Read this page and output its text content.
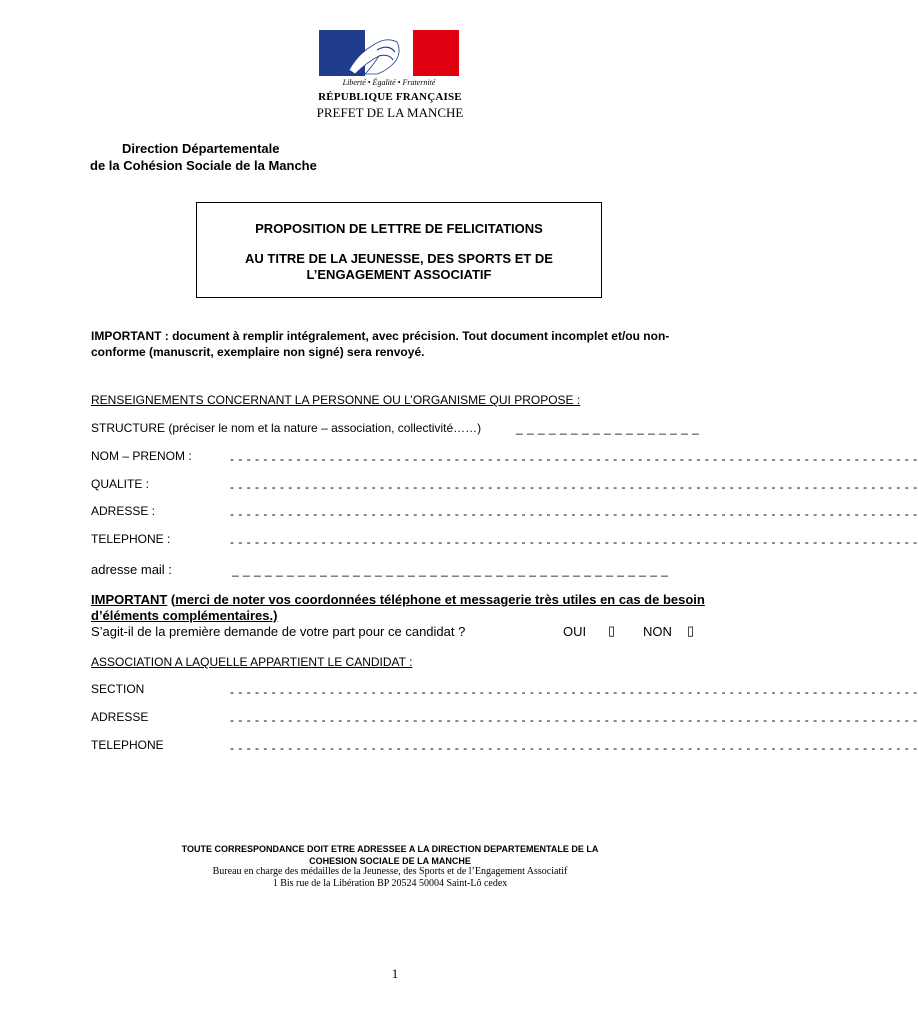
Liberté • Égalité • Fraternité
RÉPUBLIQUE FRANÇAISE
PREFET DE LA MANCHE
Direction Départementale
de la Cohésion Sociale de la Manche
PROPOSITION DE LETTRE DE FELICITATIONS
AU TITRE DE LA JEUNESSE, DES SPORTS ET DE
L’ENGAGEMENT ASSOCIATIF
IMPORTANT : document à remplir intégralement, avec précision. Tout document incomplet et/ou non-conforme (manuscrit, exemplaire non signé) sera renvoyé.
RENSEIGNEMENTS CONCERNANT LA PERSONNE OU L’ORGANISME QUI PROPOSE :
STRUCTURE (préciser le nom et la nature – association, collectivité……)	_ _ _ _ _ _ _ _ _ _ _ _ _ _ _ _ _
NOM – PRENOM :	- - - - - - - - - - - - - - - - - - - - - - - - - - - - - - - - - - - - - - - - - - - - - - - - - - - - - - - - - - - - - - - - - - - - - - - - - - - - - - - - - - -
QUALITE :	- - - - - - - - - - - - - - - - - - - - - - - - - - - - - - - - - - - - - - - - - - - - - - - - - - - - - - - - - - - - - - - - - - - - - - - - - - - - - - - - - - -
ADRESSE :	- - - - - - - - - - - - - - - - - - - - - - - - - - - - - - - - - - - - - - - - - - - - - - - - - - - - - - - - - - - - - - - - - - - - - - - - - - - - - - - - - - -
TELEPHONE :	- - - - - - - - - - - - - - - - - - - - - - - - - - - - - - - - - - - - - - - - - - - - - - - - - - - - - - - - - - - - - - - - - - - - - - - - - - - - - - - - - - -
adresse mail :	_ _ _ _ _ _ _ _ _ _ _ _ _ _ _ _ _ _ _ _ _ _ _ _ _ _ _ _ _ _ _ _ _ _ _ _ _ _ _ _
IMPORTANT (merci de noter vos coordonnées téléphone et messagerie très utiles en cas de besoin d’éléments complémentaires.)
S’agit-il de la première demande de votre part pour ce candidat ?	OUI ▯ NON ▯
ASSOCIATION A LAQUELLE APPARTIENT LE CANDIDAT :
SECTION	- - - - - - - - - - - - - - - - - - - - - - - - - - - - - - - - - - - - - - - - - - - - - - - - - - - - - - - - - - - - - - - - - - - - - - - - - - - - - - - - - - -
ADRESSE	- - - - - - - - - - - - - - - - - - - - - - - - - - - - - - - - - - - - - - - - - - - - - - - - - - - - - - - - - - - - - - - - - - - - - - - - - - - - - - - - - - -
TELEPHONE	- - - - - - - - - - - - - - - - - - - - - - - - - - - - - - - - - - - - - - - - - - - - - - - - - - - - - - - - - - - - - - - - - - - - - - - - - - - - - - - - - - -
TOUTE CORRESPONDANCE DOIT ETRE ADRESSEE A LA DIRECTION DEPARTEMENTALE DE LA
COHESION SOCIALE DE LA MANCHE
Bureau en charge des médailles de la Jeunesse, des Sports et de l’Engagement Associatif
1 Bis rue de la Libération BP 20524 50004 Saint-Lô cedex
1
